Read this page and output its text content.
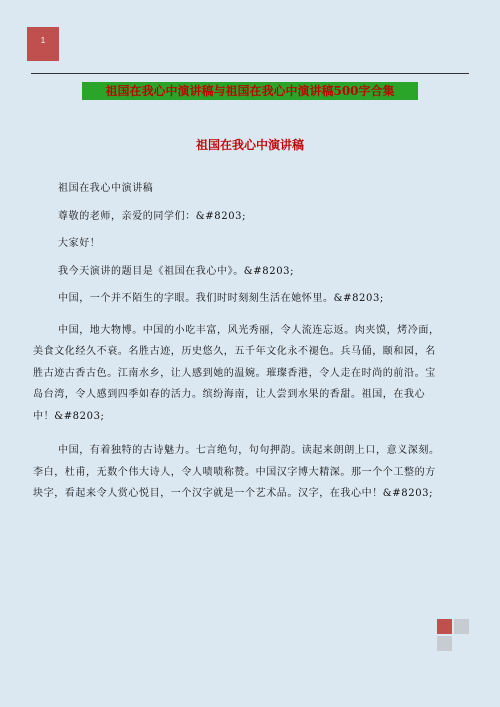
1
祖国在我心中演讲稿与祖国在我心中演讲稿500字合集
祖国在我心中演讲稿

祖国在我心中演讲稿

尊敬的老师，亲爱的同学们：&#8203;

大家好！

我今天演讲的题目是《祖国在我心中》。&#8203;

中国，一个并不陌生的字眼。我们时时刻刻生活在她怀里。&#8203;

中国，地大物博。中国的小吃丰富，风光秀丽，令人流连忘返。肉夹馍，烤冷面，美食文化经久不衰。名胜古迹，历史悠久，五千年文化永不褪色。兵马俑，颐和园，名胜古迹古香古色。江南水乡，让人感到她的温婉。璀璨香港，令人走在时尚的前沿。宝岛台湾，令人感到四季如春的活力。缤纷海南，让人尝到水果的香甜。祖国，在我心中！&#8203;

中国，有着独特的古诗魅力。七言绝句，句句押韵。读起来朗朗上口，意义深刻。李白，杜甫，无数个伟大诗人，令人啧啧称赞。中国汉字博大精深。那一个个工整的方块字，看起来令人赏心悦目，一个汉字就是一个艺术品。汉字，在我心中！&#8203;
